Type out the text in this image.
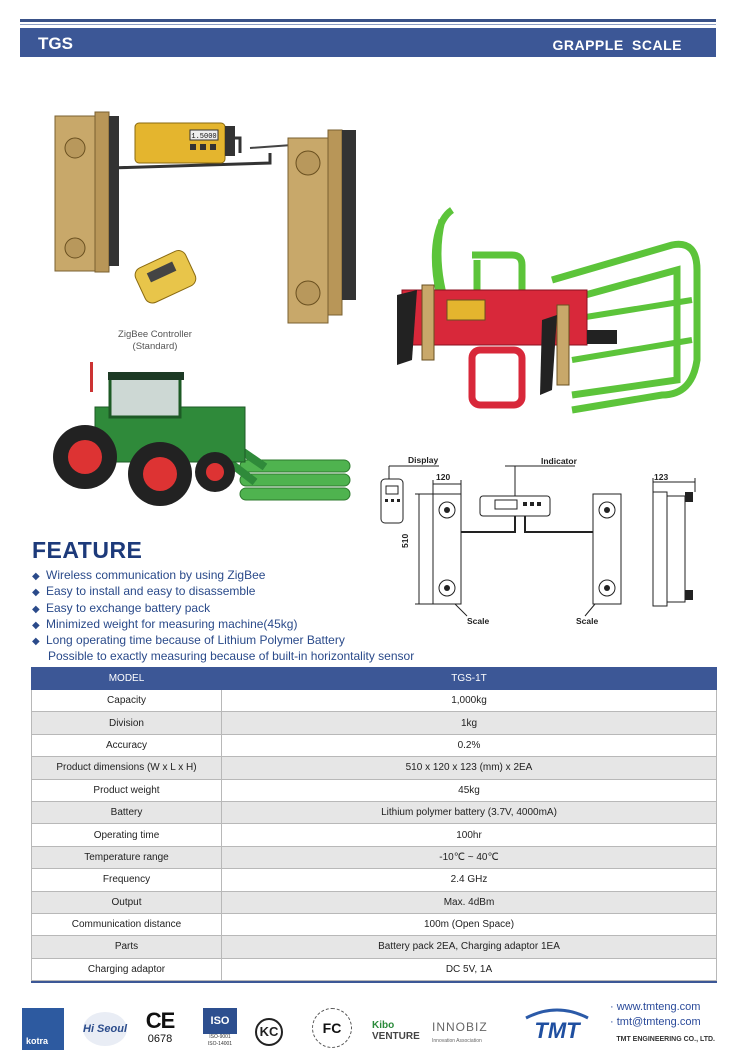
TGS	GRAPPLE SCALE
1.5000
ZigBee Controller
(Standard)
Display	Indicator
120
510
123
Scale	Scale
FEATURE
◆ Wireless communication by using ZigBee
◆ Easy to install and easy to disassemble
◆ Easy to exchange battery pack
◆ Minimized weight for measuring machine(45kg)
◆ Long operating time because of Lithium Polymer Battery
Possible to exactly measuring because of built-in horizontality sensor
MODEL	TGS-1T
Capacity	1,000kg
Division	1kg
Accuracy	0.2%
Product dimensions (W x L x H)	510 x 120 x 123 (mm) x 2EA
Product weight	45kg
Battery	Lithium polymer battery (3.7V, 4000mA)
Operating time	100hr
Temperature range	-10℃ ~ 40℃
Frequency	2.4 GHz
Output	Max. 4dBm
Communication distance	100m (Open Space)
Parts	Battery pack 2EA, Charging adaptor 1EA
Charging adaptor	DC 5V, 1A
kotra
Hi Seoul CE
0678
ISO
ISO-9001
ISO-14001
KC	FC	Kibo
VENTURE
INNOBIZ
Innovation Association TMT	TMT ENGINEERING CO., LTD.
· www.tmteng.com
· tmt@tmteng.com
